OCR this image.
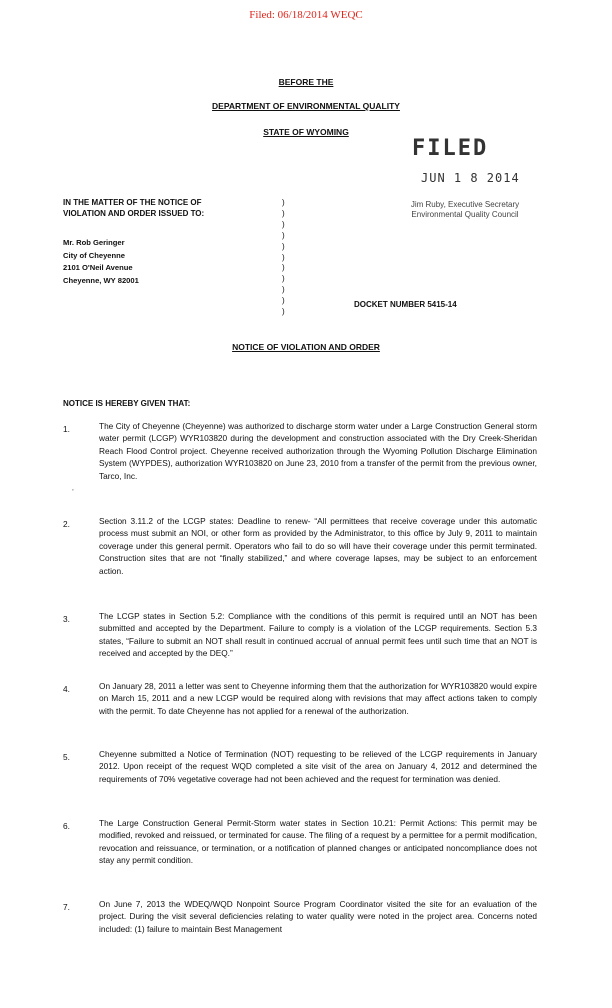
Filed: 06/18/2014 WEQC
BEFORE THE
DEPARTMENT OF ENVIRONMENTAL QUALITY
STATE OF WYOMING
FILED
JUN 1 8 2014
Jim Ruby, Executive Secretary
Environmental Quality Council
IN THE MATTER OF THE NOTICE OF
VIOLATION AND ORDER ISSUED TO:
Mr. Rob Geringer
City of Cheyenne
2101 O'Neil Avenue
Cheyenne, WY 82001
)
)
)
)
)
)
)
)
)
)
)
DOCKET NUMBER 5415-14
NOTICE OF VIOLATION AND ORDER
NOTICE IS HEREBY GIVEN THAT:
1.	The City of Cheyenne (Cheyenne) was authorized to discharge storm water under a Large Construction General storm water permit (LCGP) WYR103820 during the development and construction associated with the Dry Creek-Sheridan Reach Flood Control project. Cheyenne received authorization through the Wyoming Pollution Discharge Elimination System (WYPDES), authorization WYR103820 on June 23, 2010 from a transfer of the permit from the previous owner, Tarco, Inc.
’
2.	Section 3.11.2 of the LCGP states: Deadline to renew- “All permittees that receive coverage under this automatic process must submit an NOI, or other form as provided by the Administrator, to this office by July 9, 2011 to maintain coverage under this general permit. Operators who fail to do so will have their coverage under this permit terminated. Construction sites that are not “finally stabilized,” and where coverage lapses, may be subject to an enforcement action.
3.	The LCGP states in Section 5.2: Compliance with the conditions of this permit is required until an NOT has been submitted and accepted by the Department. Failure to comply is a violation of the LCGP requirements. Section 5.3 states, “Failure to submit an NOT shall result in continued accrual of annual permit fees until such time that an NOT is received and accepted by the DEQ.”
4.	On January 28, 2011 a letter was sent to Cheyenne informing them that the authorization for WYR103820 would expire on March 15, 2011 and a new LCGP would be required along with revisions that may affect actions taken to comply with the permit. To date Cheyenne has not applied for a renewal of the authorization.
5.	Cheyenne submitted a Notice of Termination (NOT) requesting to be relieved of the LCGP requirements in January 2012. Upon receipt of the request WQD completed a site visit of the area on January 4, 2012 and determined the requirements of 70% vegetative coverage had not been achieved and the request for termination was denied.
6.	The Large Construction General Permit-Storm water states in Section 10.21: Permit Actions: This permit may be modified, revoked and reissued, or terminated for cause. The filing of a request by a permittee for a permit modification, revocation and reissuance, or termination, or a notification of planned changes or anticipated noncompliance does not stay any permit condition.
7.	On June 7, 2013 the WDEQ/WQD Nonpoint Source Program Coordinator visited the site for an evaluation of the project. During the visit several deficiencies relating to water quality were noted in the project area. Concerns noted included: (1) failure to maintain Best Management
